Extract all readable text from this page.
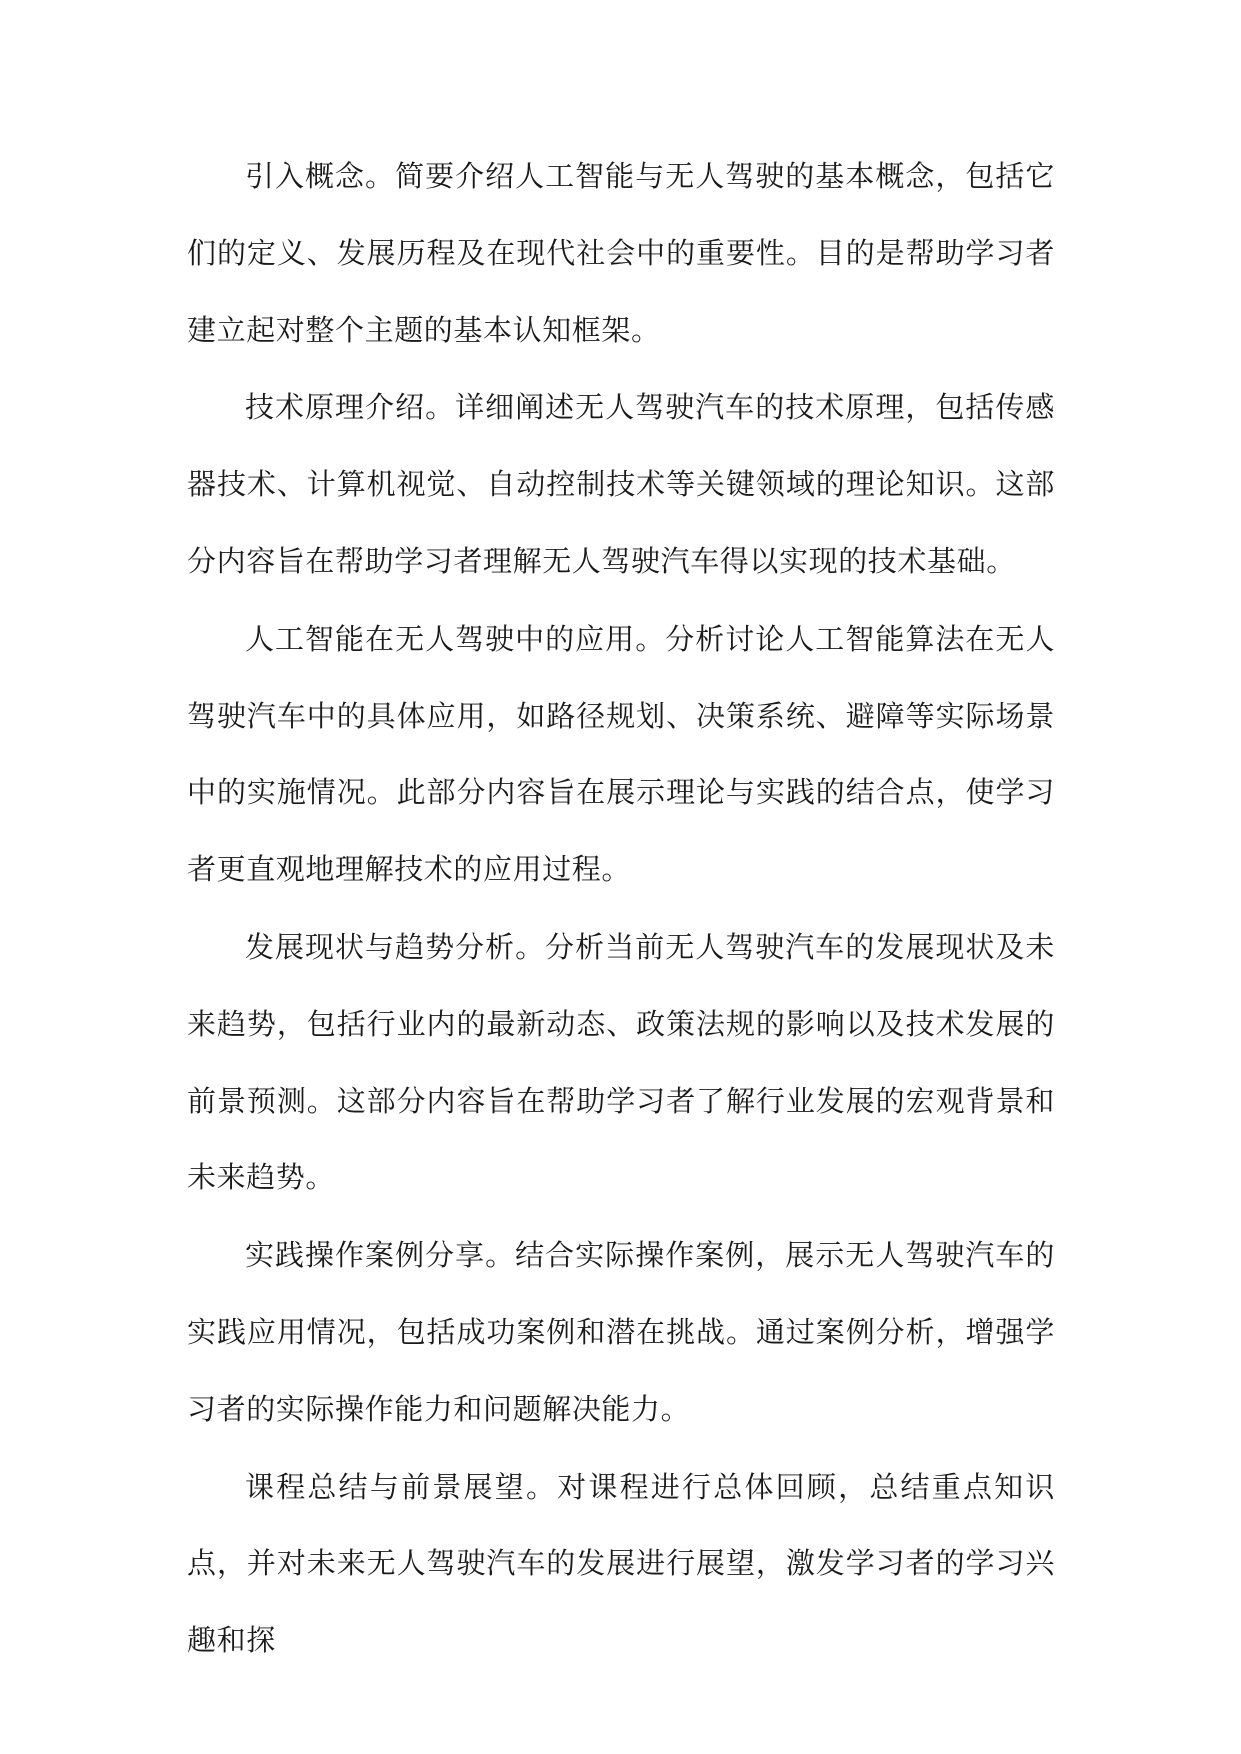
引入概念。简要介绍人工智能与无人驾驶的基本概念，包括它们的定义、发展历程及在现代社会中的重要性。目的是帮助学习者建立起对整个主题的基本认知框架。

技术原理介绍。详细阐述无人驾驶汽车的技术原理，包括传感器技术、计算机视觉、自动控制技术等关键领域的理论知识。这部分内容旨在帮助学习者理解无人驾驶汽车得以实现的技术基础。

人工智能在无人驾驶中的应用。分析讨论人工智能算法在无人驾驶汽车中的具体应用，如路径规划、决策系统、避障等实际场景中的实施情况。此部分内容旨在展示理论与实践的结合点，使学习者更直观地理解技术的应用过程。

发展现状与趋势分析。分析当前无人驾驶汽车的发展现状及未来趋势，包括行业内的最新动态、政策法规的影响以及技术发展的前景预测。这部分内容旨在帮助学习者了解行业发展的宏观背景和未来趋势。

实践操作案例分享。结合实际操作案例，展示无人驾驶汽车的实践应用情况，包括成功案例和潜在挑战。通过案例分析，增强学习者的实际操作能力和问题解决能力。

课程总结与前景展望。对课程进行总体回顾，总结重点知识点，并对未来无人驾驶汽车的发展进行展望，激发学习者的学习兴趣和探
